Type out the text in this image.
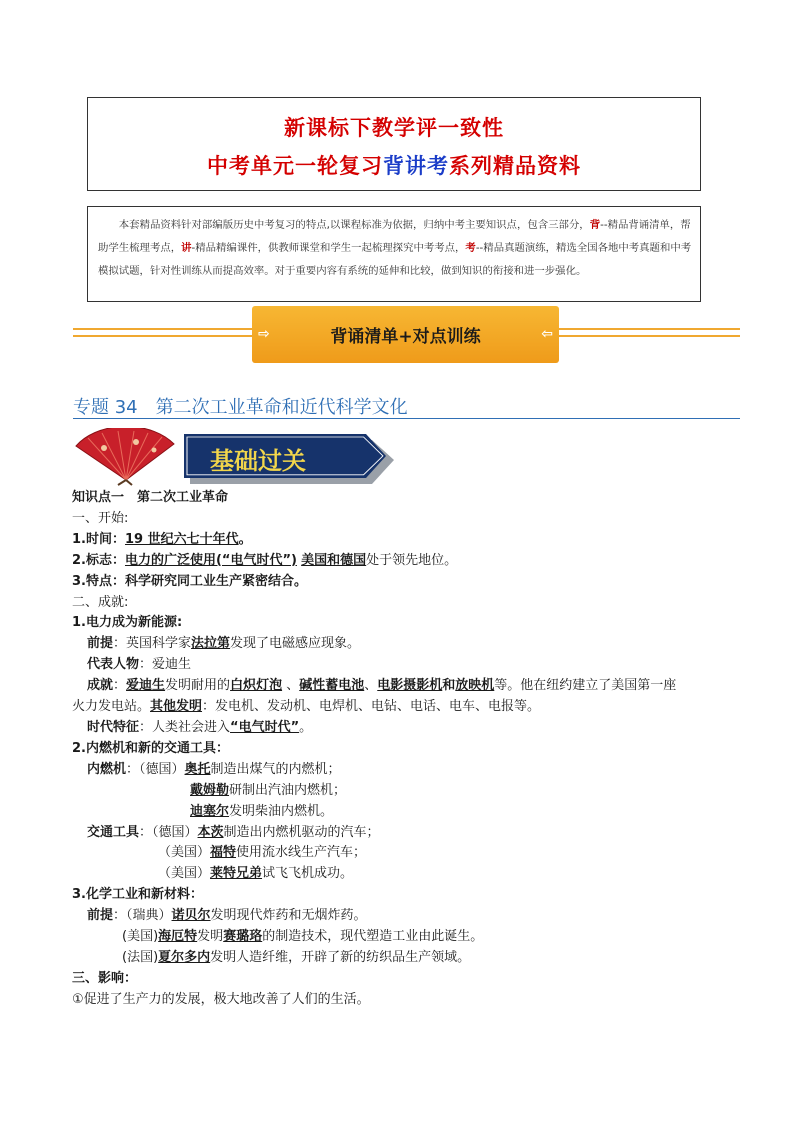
新课标下教学评一致性
中考单元一轮复习背讲考系列精品资料
本套精品资料针对部编版历史中考复习的特点,以课程标准为依据，归纳中考主要知识点，包含三部分，背--精品背诵清单，帮助学生梳理考点，讲-精品精编课件，供教师课堂和学生一起梳理探究中考考点，考--精品真题演练，精选全国各地中考真题和中考模拟试题，针对性训练从而提高效率。对于重要内容有系统的延伸和比较，做到知识的衔接和进一步强化。
⇨	背诵清单+对点训练	⇦
专题 34　第二次工业革命和近代科学文化
基础过关

知识点一　第二次工业革命

一、开始:

1.时间：19 世纪六七十年代。

2.标志：电力的广泛使用(“电气时代”) 美国和德国处于领先地位。

3.特点：科学研究同工业生产紧密结合。

二、成就:

1.电力成为新能源:

前提：英国科学家法拉第发现了电磁感应现象。

代表人物：爱迪生

成就：爱迪生发明耐用的白炽灯泡 、碱性蓄电池、电影摄影机和放映机等。他在纽约建立了美国第一座

火力发电站。其他发明：发电机、发动机、电焊机、电钻、电话、电车、电报等。

时代特征：人类社会进入“电气时代”。

2.内燃机和新的交通工具：

内燃机：（德国）奥托制造出煤气的内燃机；

戴姆勒研制出汽油内燃机；

迪塞尔发明柴油内燃机。

交通工具：（德国）本茨制造出内燃机驱动的汽车；

（美国）福特使用流水线生产汽车；

（美国）莱特兄弟试飞飞机成功。

3.化学工业和新材料：

前提：（瑞典）诺贝尔发明现代炸药和无烟炸药。

(美国)海厄特发明赛璐珞的制造技术，现代塑造工业由此诞生。

(法国)夏尔多内发明人造纤维，开辟了新的纺织品生产领域。

三、影响：

①促进了生产力的发展，极大地改善了人们的生活。
